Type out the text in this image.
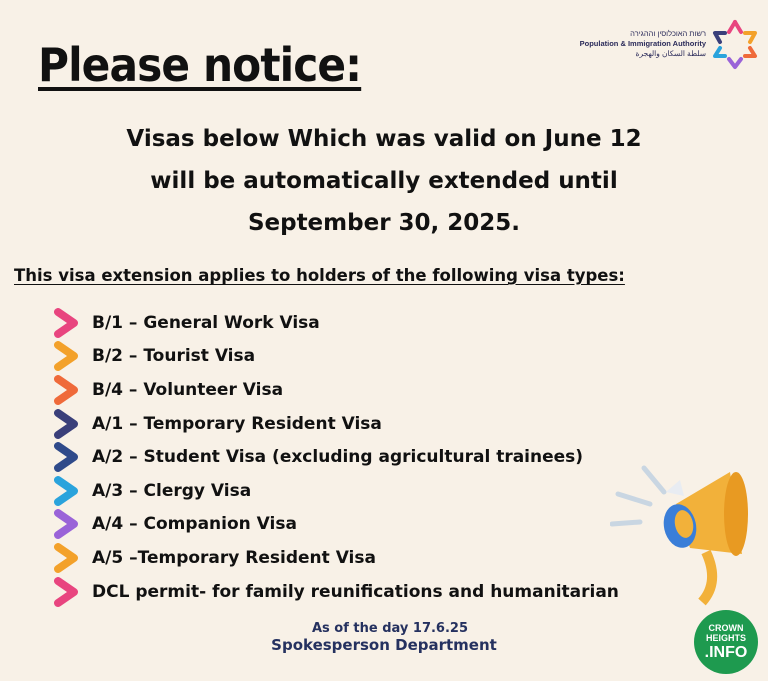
Please notice:
רשות האוכלוסין וההגירה
Population & Immigration Authority
سلطة السكان والهجرة
Visas below Which was valid on June 12
will be automatically extended until
September 30, 2025.
This visa extension applies to holders of the following visa types:
B/1 – General Work Visa
B/2 – Tourist Visa
B/4 – Volunteer Visa
A/1 – Temporary Resident Visa
A/2 – Student Visa (excluding agricultural trainees)
A/3 – Clergy Visa
A/4 – Companion Visa
A/5 –Temporary Resident Visa
DCL permit- for family reunifications and humanitarian
As of the day 17.6.25
Spokesperson Department
CROWN
HEIGHTS
.INFO
